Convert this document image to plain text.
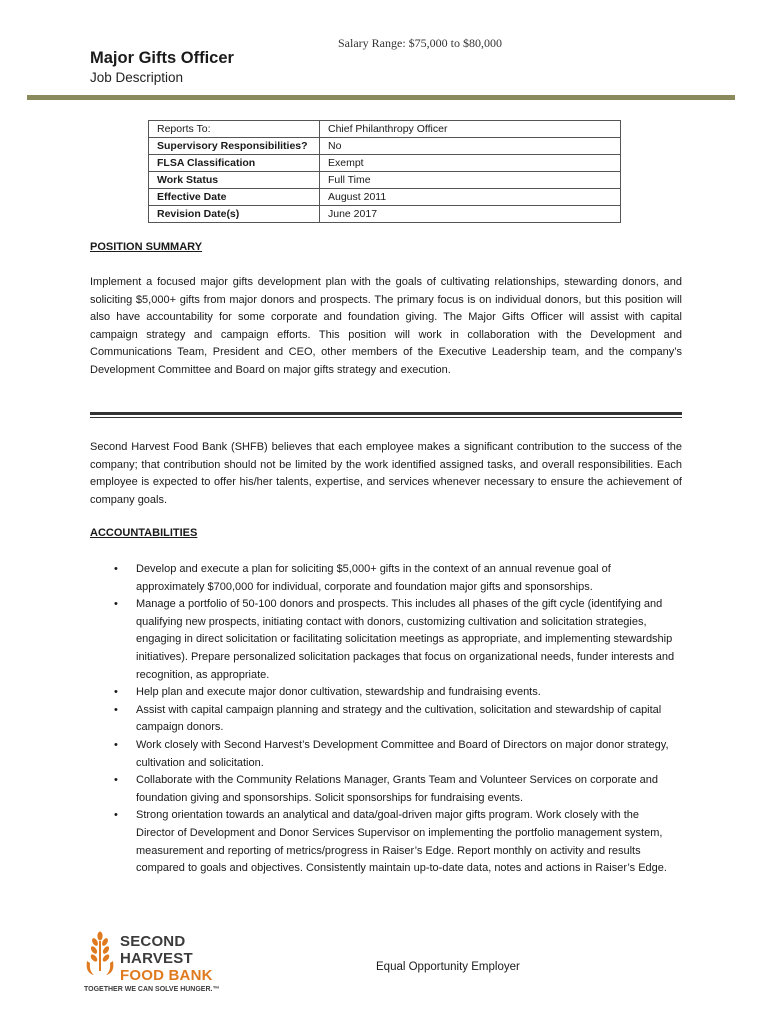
Salary Range: $75,000 to $80,000
Major Gifts Officer
Job Description
Reports To:	Chief Philanthropy Officer
Supervisory Responsibilities?	No
FLSA Classification	Exempt
Work Status	Full Time
Effective Date	August 2011
Revision Date(s)	June 2017
POSITION SUMMARY

Implement a focused major gifts development plan with the goals of cultivating relationships, stewarding donors, and soliciting $5,000+ gifts from major donors and prospects. The primary focus is on individual donors, but this position will also have accountability for some corporate and foundation giving. The Major Gifts Officer will assist with capital campaign strategy and campaign efforts. This position will work in collaboration with the Development and Communications Team, President and CEO, other members of the Executive Leadership team, and the company’s Development Committee and Board on major gifts strategy and execution.

Second Harvest Food Bank (SHFB) believes that each employee makes a significant contribution to the success of the company; that contribution should not be limited by the work identified assigned tasks, and overall responsibilities. Each employee is expected to offer his/her talents, expertise, and services whenever necessary to ensure the achievement of company goals.

ACCOUNTABILITIES
• Develop and execute a plan for soliciting $5,000+ gifts in the context of an annual revenue goal of approximately $700,000 for individual, corporate and foundation major gifts and sponsorships.
• Manage a portfolio of 50-100 donors and prospects. This includes all phases of the gift cycle (identifying and qualifying new prospects, initiating contact with donors, customizing cultivation and solicitation strategies, engaging in direct solicitation or facilitating solicitation meetings as appropriate, and implementing stewardship initiatives). Prepare personalized solicitation packages that focus on organizational needs, funder interests and recognition, as appropriate.
• Help plan and execute major donor cultivation, stewardship and fundraising events.
• Assist with capital campaign planning and strategy and the cultivation, solicitation and stewardship of capital campaign donors.
• Work closely with Second Harvest’s Development Committee and Board of Directors on major donor strategy, cultivation and solicitation.
• Collaborate with the Community Relations Manager, Grants Team and Volunteer Services on corporate and foundation giving and sponsorships. Solicit sponsorships for fundraising events.
• Strong orientation towards an analytical and data/goal-driven major gifts program. Work closely with the Director of Development and Donor Services Supervisor on implementing the portfolio management system, measurement and reporting of metrics/progress in Raiser’s Edge. Report monthly on activity and results compared to goals and objectives. Consistently maintain up-to-date data, notes and actions in Raiser’s Edge.
SECOND
HARVEST
FOOD BANK
TOGETHER WE CAN SOLVE HUNGER.™
Equal Opportunity Employer
